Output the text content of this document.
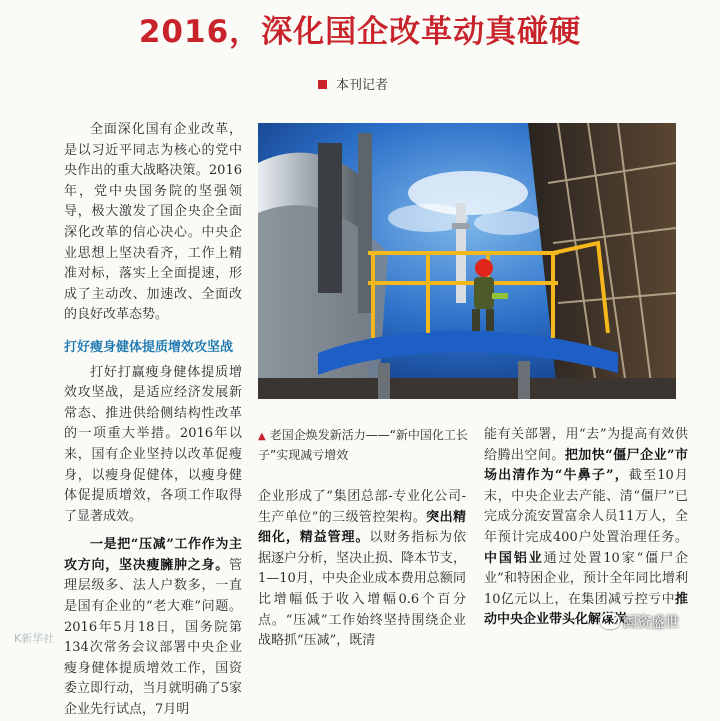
2016，深化国企改革动真碰硬
本刊记者

全面深化国有企业改革，是以习近平同志为核心的党中央作出的重大战略决策。2016年，党中央国务院的坚强领导，极大激发了国企央企全面深化改革的信心决心。中央企业思想上坚决看齐，工作上精准对标，落实上全面提速，形成了主动改、加速改、全面改的良好改革态势。

打好瘦身健体提质增效攻坚战

打好打赢瘦身健体提质增效攻坚战，是适应经济发展新常态、推进供给侧结构性改革的一项重大举措。2016年以来，国有企业坚持以改革促瘦身，以瘦身促健体，以瘦身健体促提质增效，各项工作取得了显著成效。

一是把“压减”工作作为主攻方向，坚决瘦臃肿之身。管理层级多、法人户数多，一直是国有企业的“老大难”问题。2016年5月18日，国务院第134次常务会议部署中央企业瘦身健体提质增效工作，国资委立即行动，当月就明确了5家企业先行试点，7月明

▲ 老国企焕发新活力——“新中国化工长子”实现减亏增效

企业形成了“集团总部-专业化公司-生产单位”的三级管控架构。突出精细化，精益管理。以财务指标为依据逐户分析，坚决止损、降本节支，1—10月，中央企业成本费用总额同比增幅低于收入增幅0.6个百分点。“压减”工作始终坚持围绕企业战略抓“压减”，既清

能有关部署，用“去”为提高有效供给腾出空间。把加快“僵尸企业”市场出清作为“牛鼻子”，截至10月末，中央企业去产能、清“僵尸”已完成分流安置富余人员11万人，全年预计完成400户处置治理任务。中国铝业通过处置10家“僵尸企业”和特困企业，预计全年同比增利10亿元以上，在集团减亏控亏中推动中央企业带头化解煤炭、

K新华社
国资盛世
